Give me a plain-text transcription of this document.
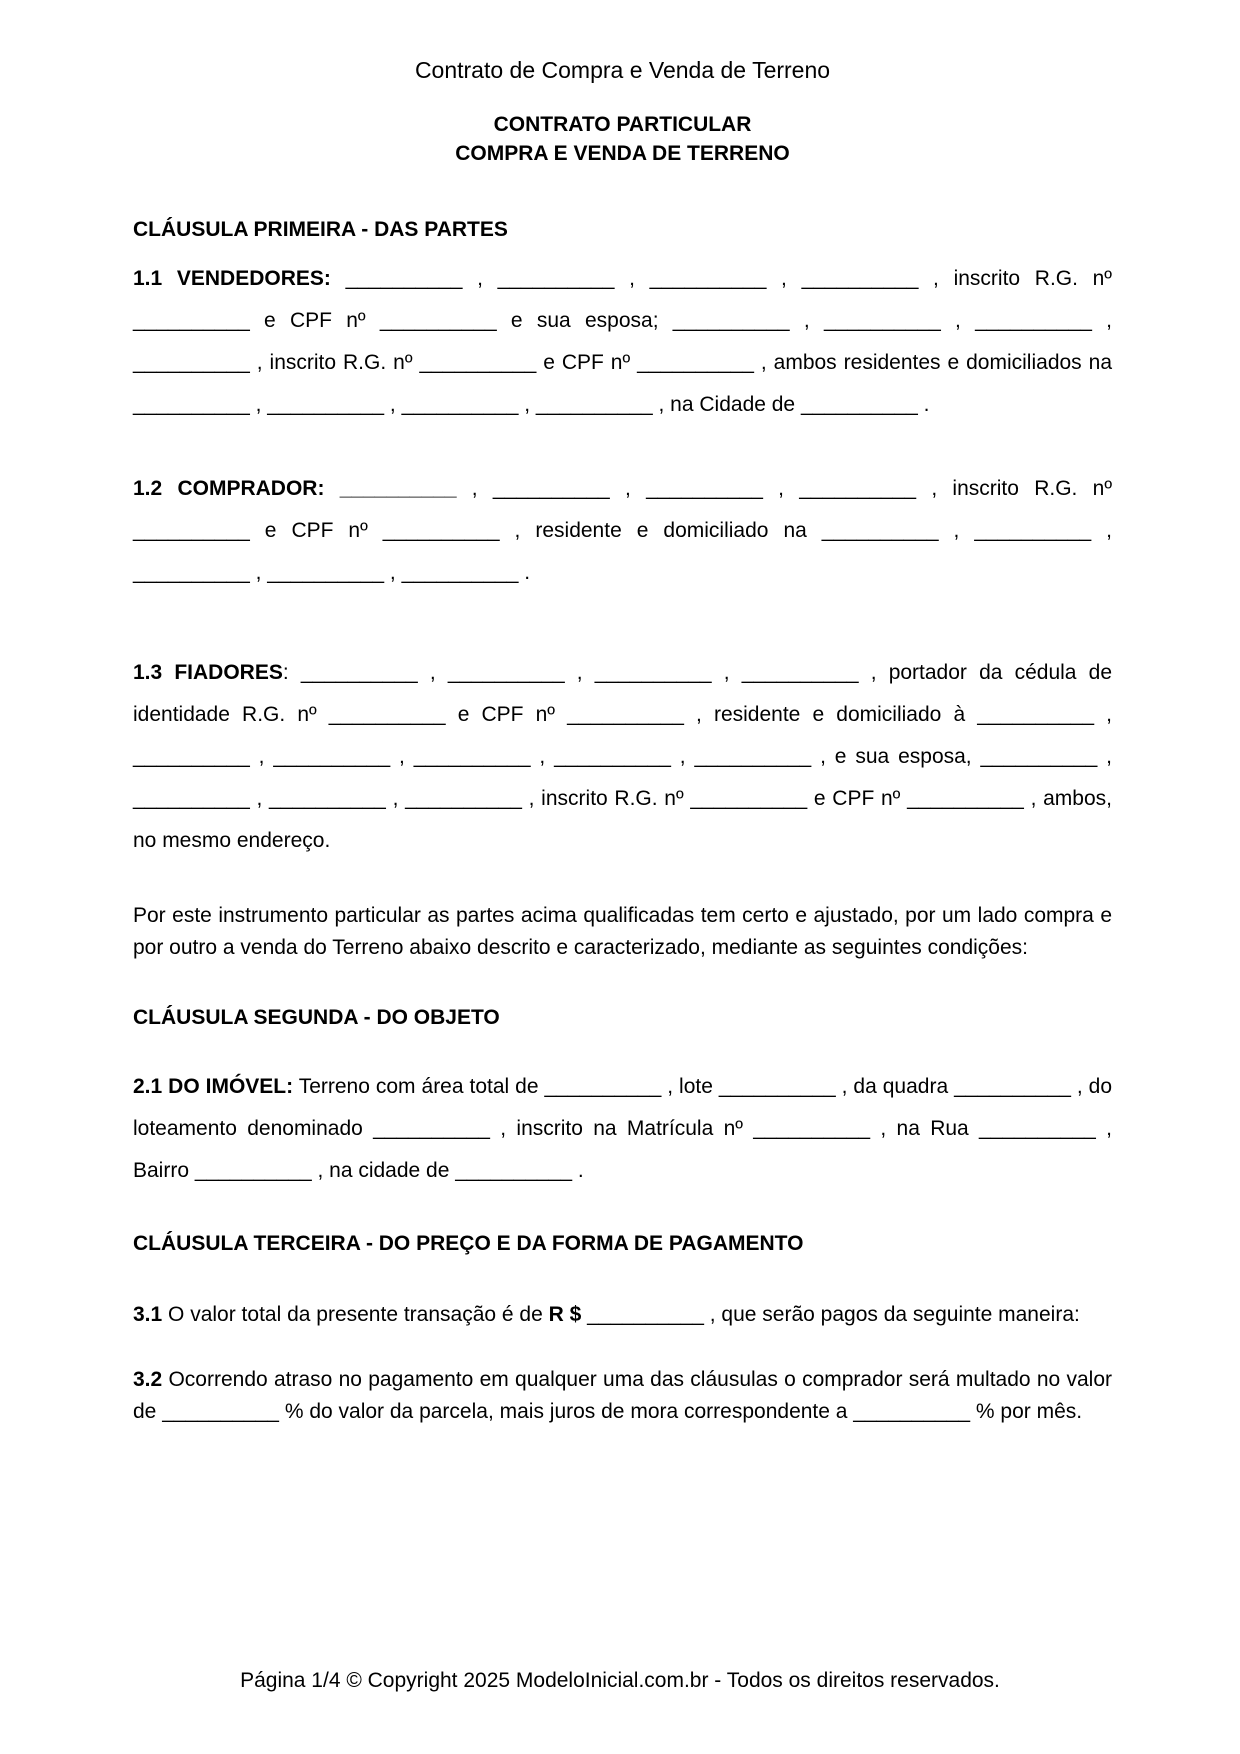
Contrato de Compra e Venda de Terreno
CONTRATO PARTICULAR
COMPRA E VENDA DE TERRENO

CLÁUSULA PRIMEIRA - DAS PARTES

1.1 VENDEDORES: __________ , __________ , __________ , __________ , inscrito R.G. nº __________ e CPF nº __________ e sua esposa; __________ , __________ , __________ , __________ , inscrito R.G. nº __________ e CPF nº __________ , ambos residentes e domiciliados na __________ , __________ , __________ , __________ , na Cidade de __________ .

1.2 COMPRADOR: __________ , __________ , __________ , __________ , inscrito R.G. nº __________ e CPF nº __________ , residente e domiciliado na __________ , __________ , __________ , __________ , __________ .

1.3 FIADORES: __________ , __________ , __________ , __________ , portador da cédula de identidade R.G. nº __________ e CPF nº __________ , residente e domiciliado à __________ , __________ , __________ , __________ , __________ , __________ , e sua esposa, __________ , __________ , __________ , __________ , inscrito R.G. nº __________ e CPF nº __________ , ambos, no mesmo endereço.

Por este instrumento particular as partes acima qualificadas tem certo e ajustado, por um lado compra e por outro a venda do Terreno abaixo descrito e caracterizado, mediante as seguintes condições:

CLÁUSULA SEGUNDA - DO OBJETO

2.1 DO IMÓVEL: Terreno com área total de __________ , lote __________ , da quadra __________ , do loteamento denominado __________ , inscrito na Matrícula nº __________ , na Rua __________ , Bairro __________ , na cidade de __________ .

CLÁUSULA TERCEIRA - DO PREÇO E DA FORMA DE PAGAMENTO

3.1 O valor total da presente transação é de R $ __________ , que serão pagos da seguinte maneira:

3.2 Ocorrendo atraso no pagamento em qualquer uma das cláusulas o comprador será multado no valor de __________ % do valor da parcela, mais juros de mora correspondente a __________ % por mês.

Página 1/4 © Copyright 2025 ModeloInicial.com.br - Todos os direitos reservados.
